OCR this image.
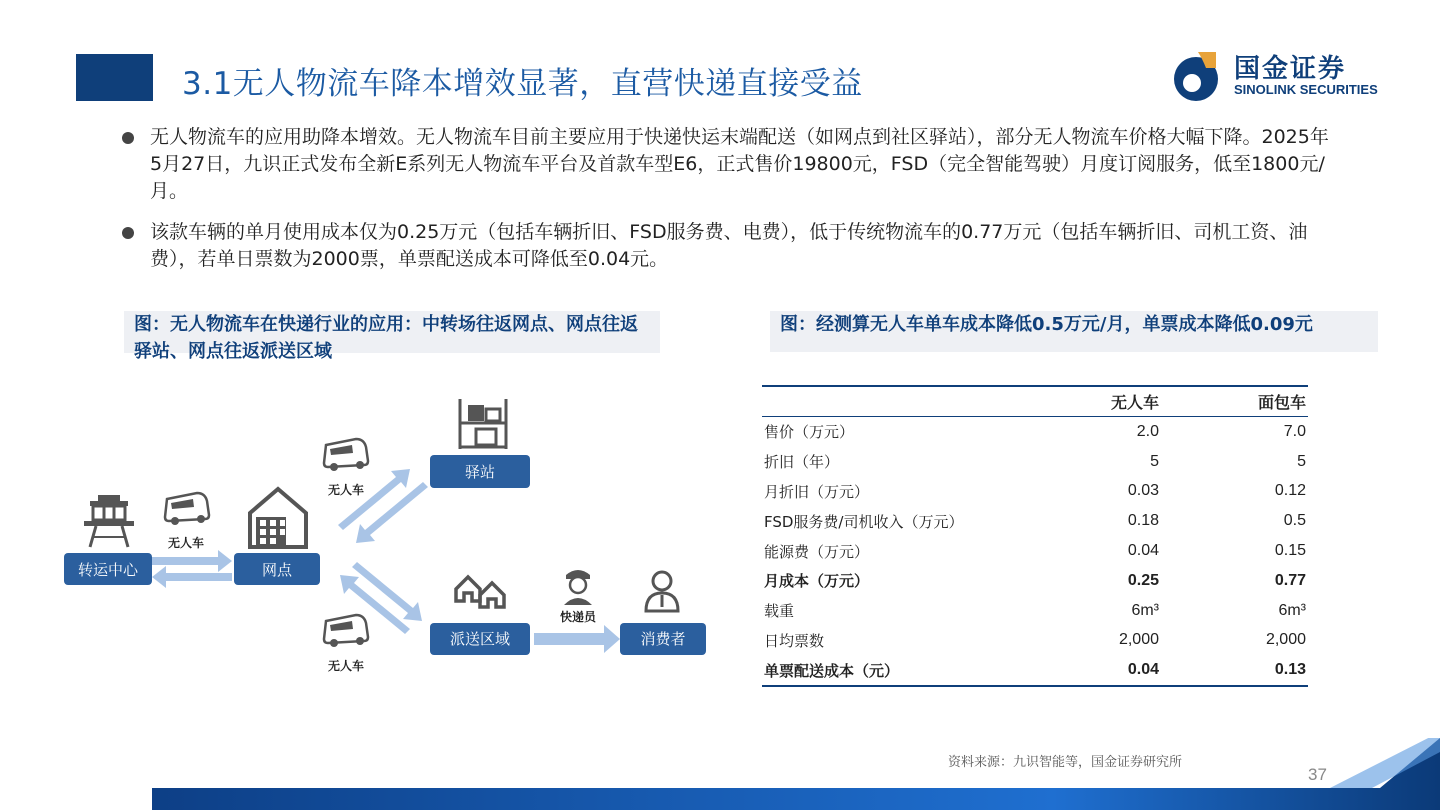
3.1无人物流车降本增效显著，直营快递直接受益	国金证券
SINOLINK SECURITIES
无人物流车的应用助降本增效。无人物流车目前主要应用于快递快运末端配送（如网点到社区驿站），部分无人物流车价格大幅下降。2025年5月27日，九识正式发布全新E系列无人物流车平台及首款车型E6，正式售价19800元，FSD（完全智能驾驶）月度订阅服务，低至1800元/月。
该款车辆的单月使用成本仅为0.25万元（包括车辆折旧、FSD服务费、电费），低于传统物流车的0.77万元（包括车辆折旧、司机工资、油费），若单日票数为2000票，单票配送成本可降低至0.04元。
图：无人物流车在快递行业的应用：中转场往返网点、网点往返驿站、网点往返派送区域
图：经测算无人车单车成本降低0.5万元/月，单票成本降低0.09元
转运中心
无人车
网点
无人车
驿站
无人车
派送区域
快递员
消费者
	无人车	面包车
售价（万元）	2.0	7.0
折旧（年）	5	5
月折旧（万元）	0.03	0.12
FSD服务费/司机收入（万元）	0.18	0.5
能源费（万元）	0.04	0.15
月成本（万元）	0.25	0.77
载重	6m³	6m³
日均票数	2,000	2,000
单票配送成本（元）	0.04	0.13
资料来源：九识智能等，国金证券研究所
37
